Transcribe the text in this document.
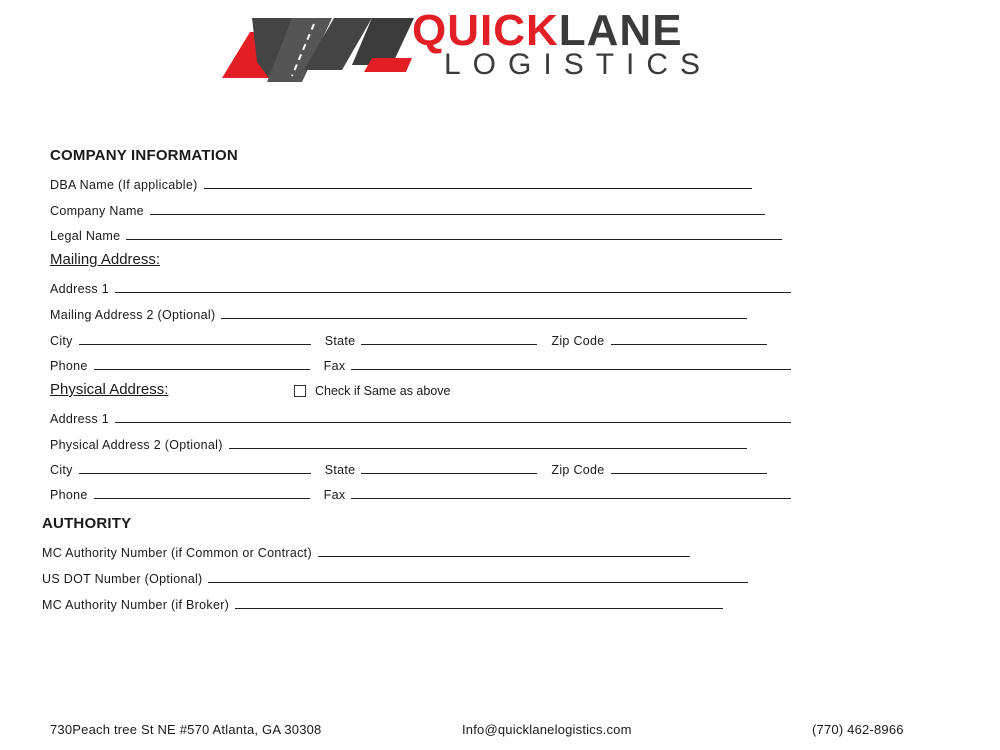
QUICKLANE
LOGISTICS
COMPANY INFORMATION
DBA Name (If applicable)
Company Name
Legal Name
Mailing Address:
Address 1
Mailing Address 2 (Optional)
City	State	Zip Code
Phone	Fax
Physical Address:	Check if Same as above
Address 1
Physical Address 2 (Optional)
City	State	Zip Code
Phone	Fax
AUTHORITY
MC Authority Number (if Common or Contract)
US DOT Number (Optional)
MC Authority Number (if Broker)
730Peach tree St NE #570 Atlanta, GA 30308	Info@quicklanelogistics.com	(770) 462-8966
